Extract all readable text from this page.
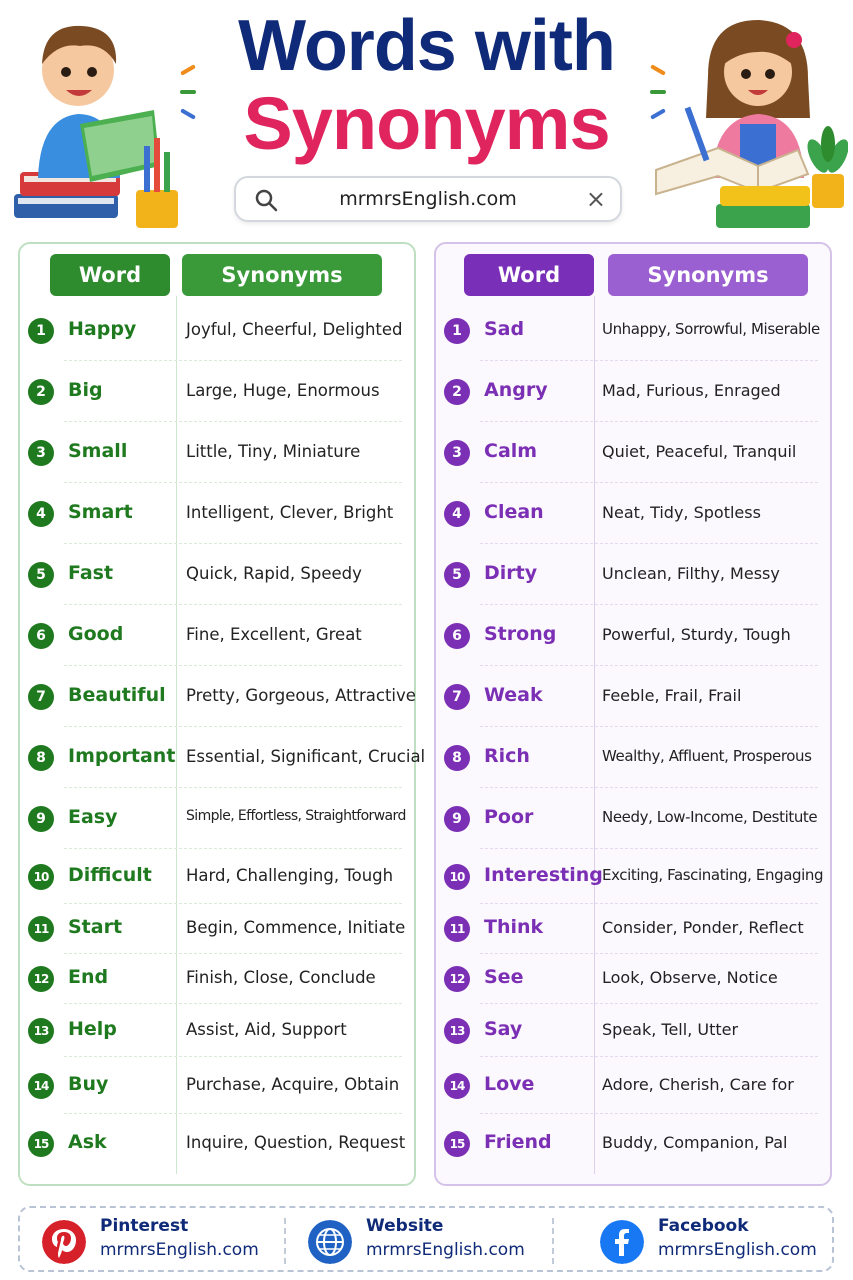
Words with
Synonyms
mrmrsEnglish.com	×
Word	Synonyms
1	Happy	Joyful, Cheerful, Delighted
2	Big	Large, Huge, Enormous
3	Small	Little, Tiny, Miniature
4	Smart	Intelligent, Clever, Bright
5	Fast	Quick, Rapid, Speedy
6	Good	Fine, Excellent, Great
7	Beautiful Pretty, Gorgeous, Attractive
8	Important Essential, Significant, Crucial
9	Easy	Simple, Effortless, Straightforward
10 Difficult Hard, Challenging, Tough
11 Start	Begin, Commence, Initiate
12 End	Finish, Close, Conclude
13 Help	Assist, Aid, Support
14 Buy	Purchase, Acquire, Obtain
15 Ask	Inquire, Question, Request
Word	Synonyms
1	Sad	Unhappy, Sorrowful, Miserable
2	Angry	Mad, Furious, Enraged
3	Calm	Quiet, Peaceful, Tranquil
4	Clean	Neat, Tidy, Spotless
5	Dirty	Unclean, Filthy, Messy
6	Strong	Powerful, Sturdy, Tough
7	Weak	Feeble, Frail, Frail
8	Rich	Wealthy, Affluent, Prosperous
9	Poor	Needy, Low-Income, Destitute
10 Interesting Exciting, Fascinating, Engaging
11 Think	Consider, Ponder, Reflect
12 See	Look, Observe, Notice
13 Say	Speak, Tell, Utter
14 Love	Adore, Cherish, Care for
15 Friend	Buddy, Companion, Pal
Pinterest
mrmrsEnglish.com
Website
mrmrsEnglish.com
Facebook
mrmrsEnglish.com
